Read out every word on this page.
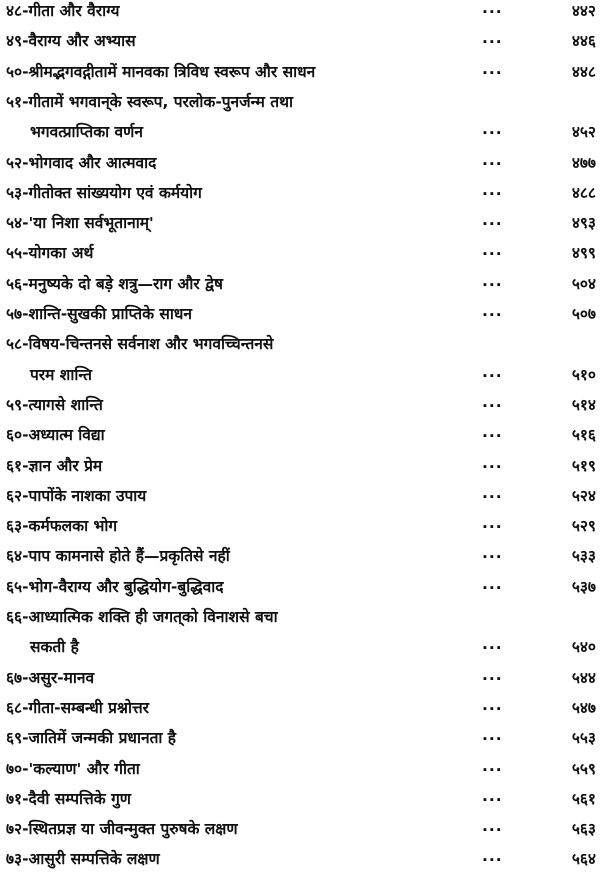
४८-गीता और वैराग्य	...	४४२
४९-वैराग्य और अभ्यास	...	४४६
५०-श्रीमद्भगवद्गीतामें मानवका त्रिविध स्वरूप और साधन	...	४४८
५१-गीतामें भगवान्‌के स्वरूप, परलोक-पुनर्जन्म तथा
भगवत्प्राप्तिका वर्णन	...	४५२
५२-भोगवाद और आत्मवाद	...	४७७
५३-गीतोक्त सांख्ययोग एवं कर्मयोग	...	४८८
५४-'या निशा सर्वभूतानाम्'	...	४९३
५५-योगका अर्थ	...	४९९
५६-मनुष्यके दो बड़े शत्रु—राग और द्वेष	...	५०४
५७-शान्ति-सुखकी प्राप्तिके साधन	...	५०७
५८-विषय-चिन्तनसे सर्वनाश और भगवच्चिन्तनसे
परम शान्ति	...	५१०
५९-त्यागसे शान्ति	...	५१४
६०-अध्यात्म विद्या	...	५१६
६१-ज्ञान और प्रेम	...	५१९
६२-पापोंके नाशका उपाय	...	५२४
६३-कर्मफलका भोग	...	५२९
६४-पाप कामनासे होते हैं—प्रकृतिसे नहीं	...	५३३
६५-भोग-वैराग्य और बुद्धियोग-बुद्धिवाद	...	५३७
६६-आध्यात्मिक शक्ति ही जगत्‌को विनाशसे बचा
सकती है	...	५४०
६७-असुर-मानव	...	५४४
६८-गीता-सम्बन्धी प्रश्नोत्तर	...	५४७
६९-जातिमें जन्मकी प्रधानता है	...	५५३
७०-'कल्याण' और गीता	...	५५९
७१-दैवी सम्पत्तिके गुण	...	५६१
७२-स्थितप्रज्ञ या जीवन्मुक्त पुरुषके लक्षण	...	५६३
७३-आसुरी सम्पत्तिके लक्षण	...	५६४
